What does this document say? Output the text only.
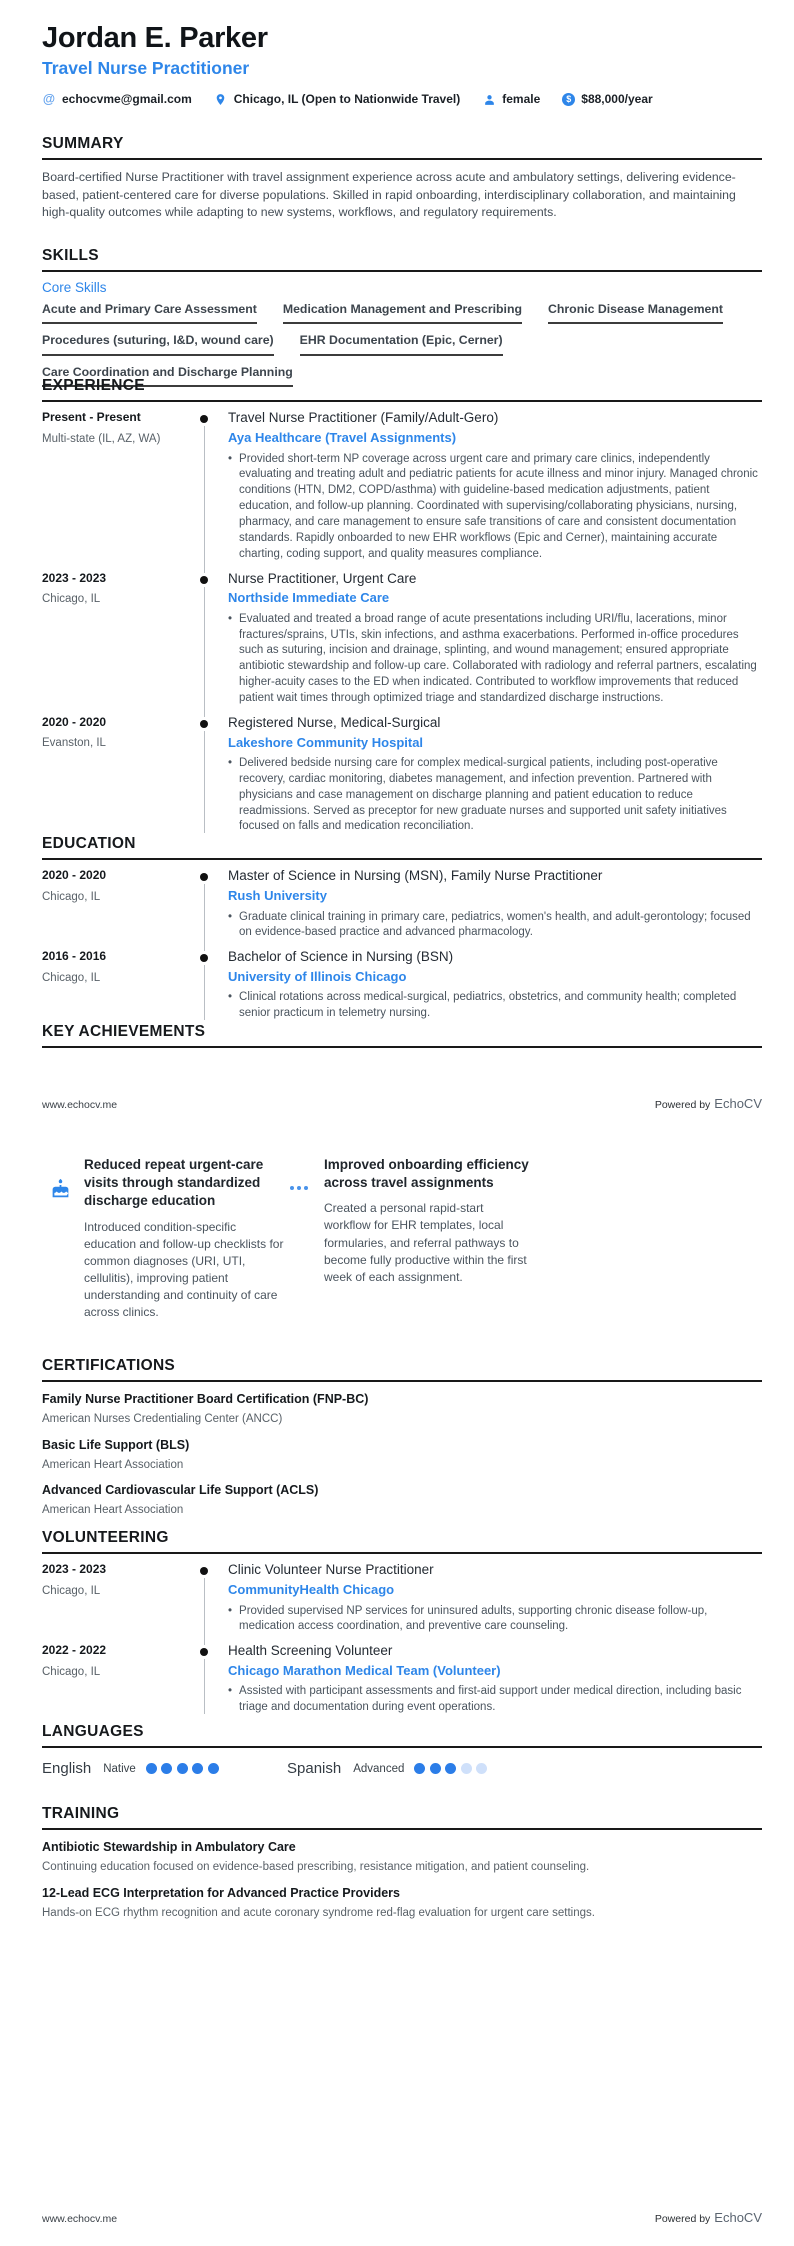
Jordan E. Parker
Travel Nurse Practitioner
@
echocvme@gmail.com	Chicago, IL (Open to Nationwide Travel)	female $	$88,000/year
SUMMARY
Board-certified Nurse Practitioner with travel assignment experience across acute and ambulatory settings, delivering evidence-based, patient-centered care for diverse populations. Skilled in rapid onboarding, interdisciplinary collaboration, and maintaining high-quality outcomes while adapting to new systems, workflows, and regulatory requirements.
SKILLS
Core Skills
Acute and Primary Care Assessment Medication Management and Prescribing Chronic Disease Management
Procedures (suturing, I&D, wound care) EHR Documentation (Epic, Cerner)
Care Coordination and Discharge Planning
EXPERIENCE
Present - Present
Multi-state (IL, AZ, WA)
Travel Nurse Practitioner (Family/Adult-Gero)
Aya Healthcare (Travel Assignments)
• Provided short-term NP coverage across urgent care and primary care clinics, independently evaluating and treating adult and pediatric patients for acute illness and minor injury. Managed chronic conditions (HTN, DM2, COPD/asthma) with guideline-based medication adjustments, patient education, and follow-up planning. Coordinated with supervising/collaborating physicians, nursing, pharmacy, and care management to ensure safe transitions of care and consistent documentation standards. Rapidly onboarded to new EHR workflows (Epic and Cerner), maintaining accurate charting, coding support, and quality measures compliance.
2023 - 2023
Chicago, IL
Nurse Practitioner, Urgent Care
Northside Immediate Care
• Evaluated and treated a broad range of acute presentations including URI/flu, lacerations, minor fractures/sprains, UTIs, skin infections, and asthma exacerbations. Performed in-office procedures such as suturing, incision and drainage, splinting, and wound management; ensured appropriate antibiotic stewardship and follow-up care. Collaborated with radiology and referral partners, escalating higher-acuity cases to the ED when indicated. Contributed to workflow improvements that reduced patient wait times through optimized triage and standardized discharge instructions.
2020 - 2020
Evanston, IL
Registered Nurse, Medical-Surgical
Lakeshore Community Hospital
• Delivered bedside nursing care for complex medical-surgical patients, including post-operative recovery, cardiac monitoring, diabetes management, and infection prevention. Partnered with physicians and case management on discharge planning and patient education to reduce readmissions. Served as preceptor for new graduate nurses and supported unit safety initiatives focused on falls and medication reconciliation.
EDUCATION
2020 - 2020
Chicago, IL
Master of Science in Nursing (MSN), Family Nurse Practitioner
Rush University
• Graduate clinical training in primary care, pediatrics, women's health, and adult-gerontology; focused on evidence-based practice and advanced pharmacology.
2016 - 2016
Chicago, IL
Bachelor of Science in Nursing (BSN)
University of Illinois Chicago
• Clinical rotations across medical-surgical, pediatrics, obstetrics, and community health; completed senior practicum in telemetry nursing.
KEY ACHIEVEMENTS
www.echocv.me	Powered by EchoCV
Reduced repeat urgent-care visits through standardized discharge education
Introduced condition-specific education and follow-up checklists for common diagnoses (URI, UTI, cellulitis), improving patient understanding and continuity of care across clinics.
Improved onboarding efficiency across travel assignments
Created a personal rapid-start workflow for EHR templates, local formularies, and referral pathways to become fully productive within the first week of each assignment.
CERTIFICATIONS
Family Nurse Practitioner Board Certification (FNP-BC)
American Nurses Credentialing Center (ANCC)
Basic Life Support (BLS)
American Heart Association
Advanced Cardiovascular Life Support (ACLS)
American Heart Association
VOLUNTEERING
2023 - 2023
Chicago, IL
Clinic Volunteer Nurse Practitioner
CommunityHealth Chicago
• Provided supervised NP services for uninsured adults, supporting chronic disease follow-up, medication access coordination, and preventive care counseling.
2022 - 2022
Chicago, IL
Health Screening Volunteer
Chicago Marathon Medical Team (Volunteer)
• Assisted with participant assessments and first-aid support under medical direction, including basic triage and documentation during event operations.
LANGUAGES
English Native	Spanish Advanced
TRAINING
Antibiotic Stewardship in Ambulatory Care
Continuing education focused on evidence-based prescribing, resistance mitigation, and patient counseling.
12-Lead ECG Interpretation for Advanced Practice Providers
Hands-on ECG rhythm recognition and acute coronary syndrome red-flag evaluation for urgent care settings.
www.echocv.me	Powered by EchoCV
